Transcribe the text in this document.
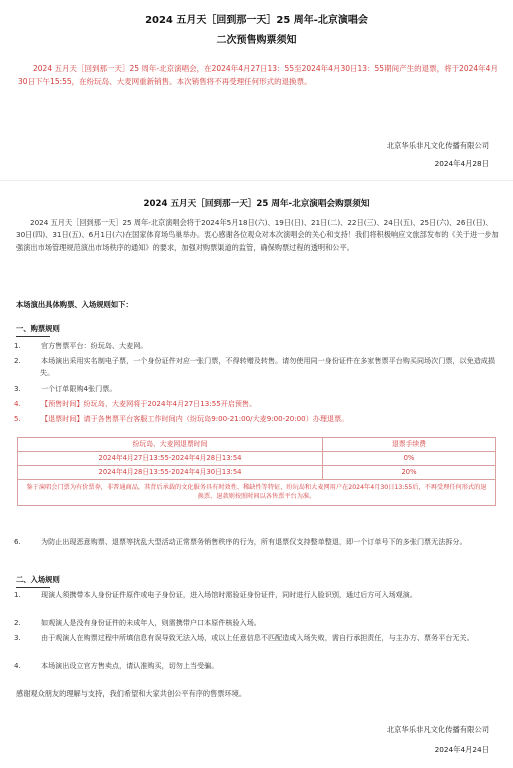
2024 五月天［回到那一天］25 周年-北京演唱会
二次预售购票须知
2024 五月天［回到那一天］25 周年-北京演唱会，在2024年4月27日13：55至2024年4月30日13：55期间产生的退票，将于2024年4月30日下午15:55，在纷玩岛、大麦网重新销售。本次销售将不再受理任何形式的退换票。
北京华乐非凡文化传播有限公司
2024年4月28日
2024 五月天［回到那一天］25 周年-北京演唱会购票须知
2024 五月天［回到那一天］25 周年-北京演唱会将于2024年5月18日(六)、19日(日)、21日(二)、22日(三)、24日(五)、25日(六)、26日(日)、30日(四)、31日(五)、6月1日(六)在国家体育场鸟巢举办。衷心感谢各位观众对本次演唱会的关心和支持！我们将积极响应文旅部发布的《关于进一步加强演出市场管理规范演出市场秩序的通知》的要求，加强对购票渠道的监管，确保购票过程的透明和公平。
本场演出具体购票、入场规则如下：
一、购票规则
1.	官方售票平台：纷玩岛、大麦网。
2.	本场演出采用实名制电子票，一个身份证件对应一张门票，不得转赠及转售。请勿使用同一身份证件在多家售票平台购买同场次门票，以免造成损失。
3.	一个订单限购4张门票。
4.	【预售时间】纷玩岛、大麦网将于2024年4月27日13:55开启预售。
5.	【退票时间】请于各售票平台客服工作时间内（纷玩岛9:00-21:00/大麦9:00-20:00）办理退票。
纷玩岛、大麦网退票时间	退票手续费
2024年4月27日13:55-2024年4月28日13:54	0%
2024年4月28日13:55-2024年4月30日13:54	20%
鉴于演唱会门票为有价票券，非普通商品，其背后承载的文化服务具有时效性、稀缺性等特征，纷玩岛和大麦网用户在2024年4月30日13:55后，不再受理任何形式的退换票、退款则按照时间以各售票平台为准。	
6.	为防止出现恶意购票、退票等扰乱大型活动正常票务销售秩序的行为，所有退票仅支持整单整退，即一个订单号下的多张门票无法拆分。
二、入场规则
1.	现演人须携带本人身份证件原件或电子身份证，进入场馆时需验证身份证件，同时进行人脸识别，通过后方可入场观演。
2.	如观演人是没有身份证件的未成年人，则需携带户口本原件核验入场。
3.	由于观演人在购票过程中所填信息有误导致无法入场，或以上任意信息不匹配造成入场失败，需自行承担责任，与主办方、票务平台无关。
4.	本场演出设立官方售卖点，请认准购买，切勿上当受骗。
感谢观众朋友的理解与支持，我们希望和大家共创公平有序的售票环境。
北京华乐非凡文化传播有限公司
2024年4月24日
